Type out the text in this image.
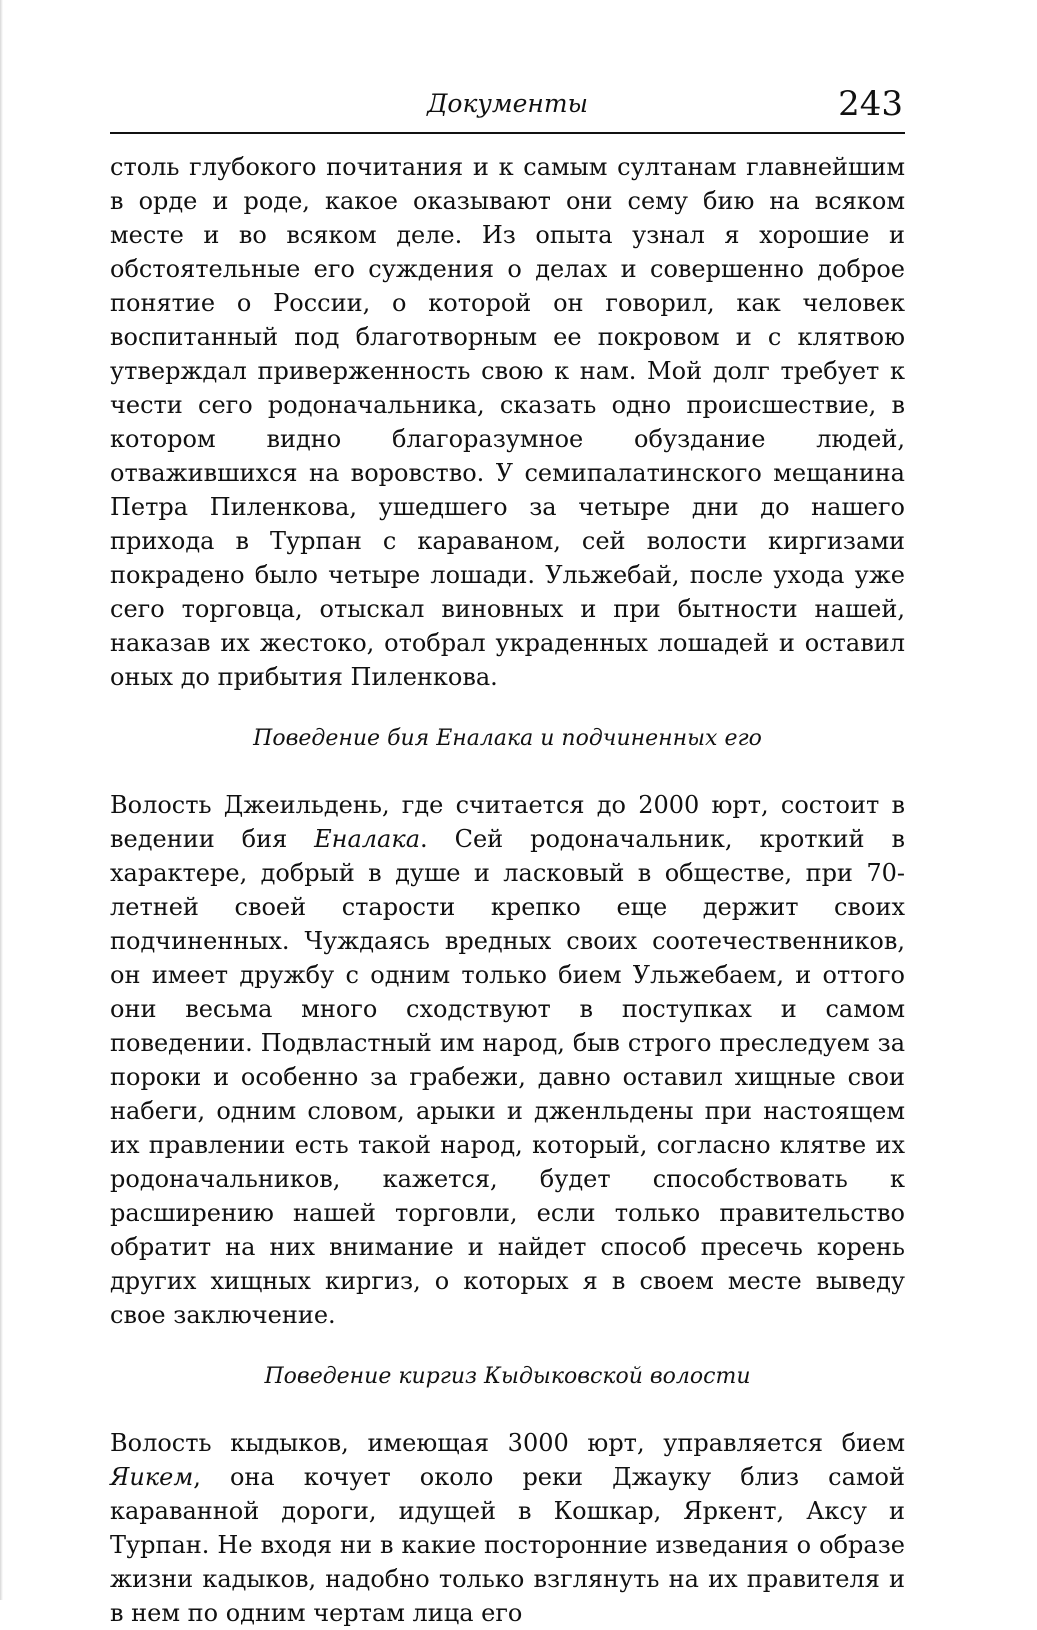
Документы	243

столь глубокого почитания и к самым султанам главнейшим в орде и роде, какое оказывают они сему бию на всяком месте и во всяком деле. Из опыта узнал я хорошие и обстоятельные его суждения о делах и совершенно доброе понятие о России, о которой он говорил, как человек воспитанный под благотворным ее покровом и с клятвою утверждал приверженность свою к нам. Мой долг требует к чести сего родоначальника, сказать одно происшествие, в котором видно благоразумное обуздание людей, отважившихся на воровство. У семипалатинского мещанина Петра Пиленкова, ушедшего за четыре дни до нашего прихода в Турпан с караваном, сей волости киргизами покрадено было четыре лошади. Ульжебай, после ухода уже сего торговца, отыскал виновных и при бытности нашей, наказав их жестоко, отобрал украденных лошадей и оставил оных до прибытия Пиленкова.

Поведение бия Еналака и подчиненных его

Волость Джеильдень, где считается до 2000 юрт, состоит в ведении бия Еналака. Сей родоначальник, кроткий в характере, добрый в душе и ласковый в обществе, при 70-летней своей старости крепко еще держит своих подчиненных. Чуждаясь вредных своих соотечественников, он имеет дружбу с одним только бием Ульжебаем, и оттого они весьма много сходствуют в поступках и самом поведении. Подвластный им народ, быв строго преследуем за пороки и особенно за грабежи, давно оставил хищные свои набеги, одним словом, арыки и дженльдены при настоящем их правлении есть такой народ, который, согласно клятве их родоначальников, кажется, будет способствовать к расширению нашей торговли, если только правительство обратит на них внимание и найдет способ пресечь корень других хищных киргиз, о которых я в своем месте выведу свое заключение.

Поведение киргиз Кыдыковской волости

Волость кыдыков, имеющая 3000 юрт, управляется бием Яикем, она кочует около реки Джауку близ самой караванной дороги, идущей в Кошкар, Яркент, Аксу и Турпан. Не входя ни в какие посторонние изведания о образе жизни кадыков, надобно только взглянуть на их правителя и в нем по одним чертам лица его
